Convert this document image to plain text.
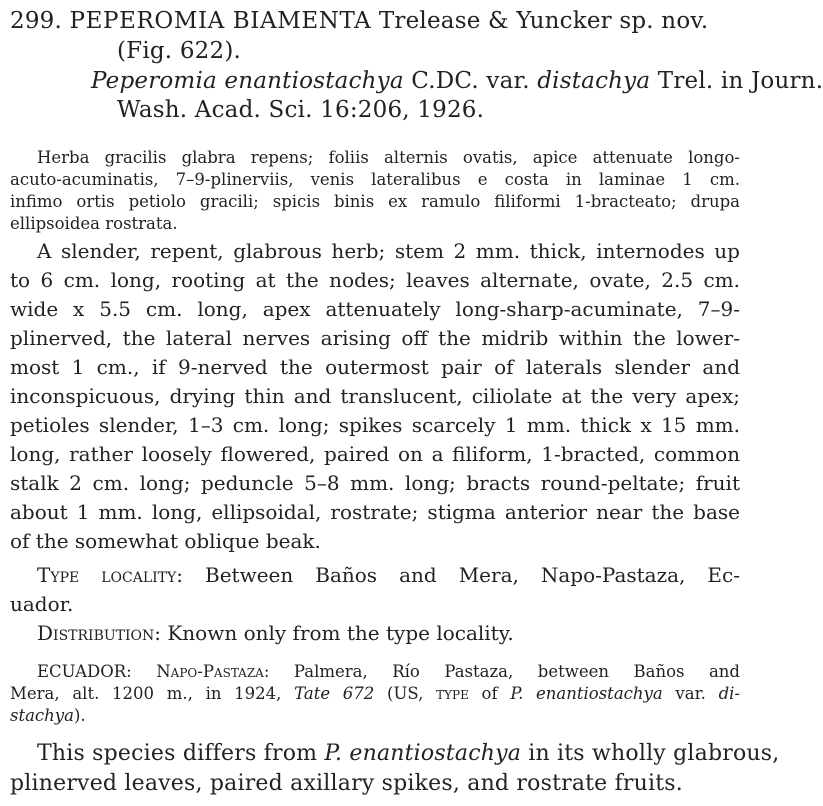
299. PEPEROMIA BIAMENTA Trelease & Yuncker sp. nov.
(Fig. 622).
Peperomia enantiostachya C.DC. var. distachya Trel. in Journ.
Wash. Acad. Sci. 16:206, 1926.
Herba gracilis glabra repens; foliis alternis ovatis, apice attenuate longo-
acuto-acuminatis, 7–9-plinerviis, venis lateralibus e costa in laminae 1 cm.
infimo ortis petiolo gracili; spicis binis ex ramulo filiformi 1-bracteato; drupa
ellipsoidea rostrata.
A slender, repent, glabrous herb; stem 2 mm. thick, internodes up
to 6 cm. long, rooting at the nodes; leaves alternate, ovate, 2.5 cm.
wide x 5.5 cm. long, apex attenuately long-sharp-acuminate, 7–9-
plinerved, the lateral nerves arising off the midrib within the lower-
most 1 cm., if 9-nerved the outermost pair of laterals slender and
inconspicuous, drying thin and translucent, ciliolate at the very apex;
petioles slender, 1–3 cm. long; spikes scarcely 1 mm. thick x 15 mm.
long, rather loosely flowered, paired on a filiform, 1-bracted, common
stalk 2 cm. long; peduncle 5–8 mm. long; bracts round-peltate; fruit
about 1 mm. long, ellipsoidal, rostrate; stigma anterior near the base
of the somewhat oblique beak.
Type locality: Between Baños and Mera, Napo-Pastaza, Ec-
uador.
Distribution: Known only from the type locality.
ECUADOR: Napo-Pastaza: Palmera, Río Pastaza, between Baños and
Mera, alt. 1200 m., in 1924, Tate 672 (US, type of P. enantiostachya var. di-
stachya).
This species differs from P. enantiostachya in its wholly glabrous,
plinerved leaves, paired axillary spikes, and rostrate fruits.
